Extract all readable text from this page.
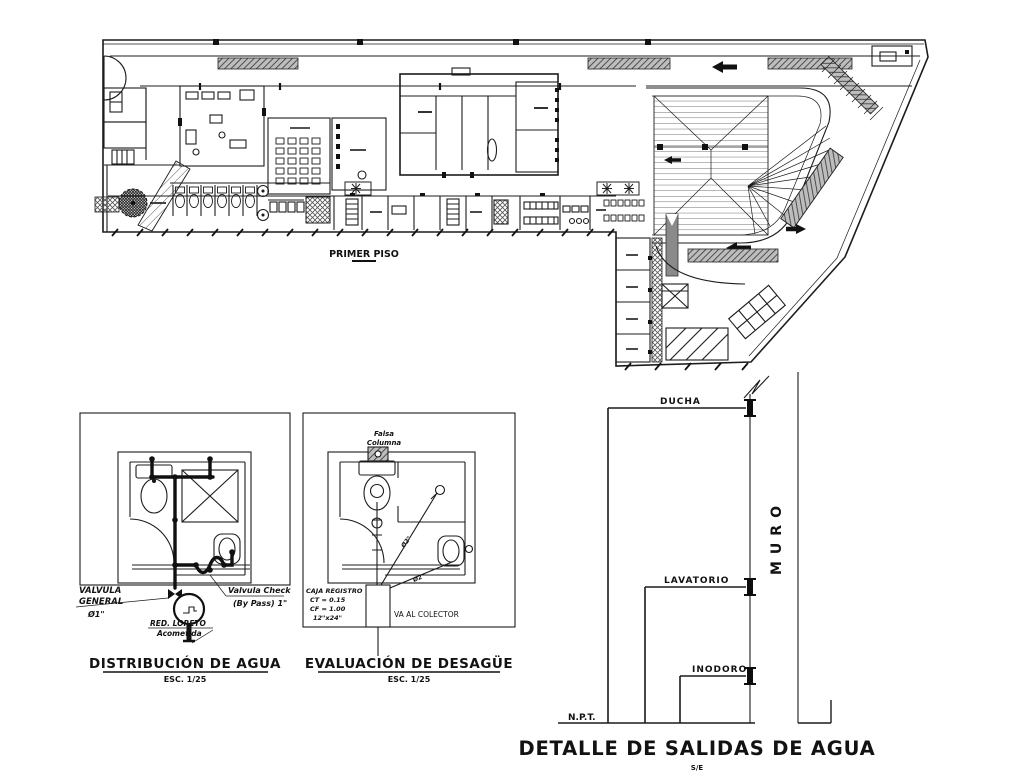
PRIMER PISO
VALVULA
GENERAL
Ø1"
Valvula Check
(By Pass) 1"
RED. LORETO
Acometida
DISTRIBUCIÓN DE AGUA
ESC. 1/25
Falsa
Columna
CAJA REGISTRO
CT = 0.15
CF = 1.00
12"x24"	VA AL COLECTOR
Ø2"
Ø2"
EVALUACIÓN DE DESAGÜE
ESC. 1/25
DUCHA
LAVATORIO
INODORO
N.P.T.
MURO
DETALLE DE SALIDAS DE AGUA
S/E
